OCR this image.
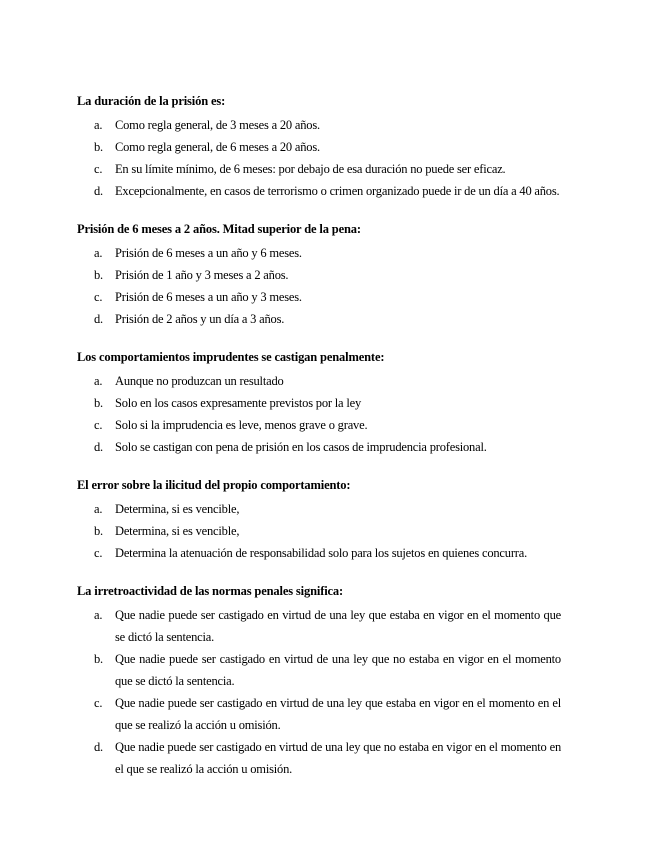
La duración de la prisión es:
a. Como regla general, de 3 meses a 20 años.
b. Como regla general, de 6 meses a 20 años.
c. En su límite mínimo, de 6 meses: por debajo de esa duración no puede ser eficaz.
d. Excepcionalmente, en casos de terrorismo o crimen organizado puede ir de un día a 40 años.
Prisión de 6 meses a 2 años. Mitad superior de la pena:
a. Prisión de 6 meses a un año y 6 meses.
b. Prisión de 1 año y 3 meses a 2 años.
c. Prisión de 6 meses a un año y 3 meses.
d. Prisión de 2 años y un día a 3 años.
Los comportamientos imprudentes se castigan penalmente:
a. Aunque no produzcan un resultado
b. Solo en los casos expresamente previstos por la ley
c. Solo si la imprudencia es leve, menos grave o grave.
d. Solo se castigan con pena de prisión en los casos de imprudencia profesional.
El error sobre la ilicitud del propio comportamiento:
a. Determina, si es vencible,
b. Determina, si es vencible,
c. Determina la atenuación de responsabilidad solo para los sujetos en quienes concurra.
La irretroactividad de las normas penales significa:
a. Que nadie puede ser castigado en virtud de una ley que estaba en vigor en el momento que se dictó la sentencia.
b. Que nadie puede ser castigado en virtud de una ley que no estaba en vigor en el momento que se dictó la sentencia.
c. Que nadie puede ser castigado en virtud de una ley que estaba en vigor en el momento en el que se realizó la acción u omisión.
d. Que nadie puede ser castigado en virtud de una ley que no estaba en vigor en el momento en el que se realizó la acción u omisión.
